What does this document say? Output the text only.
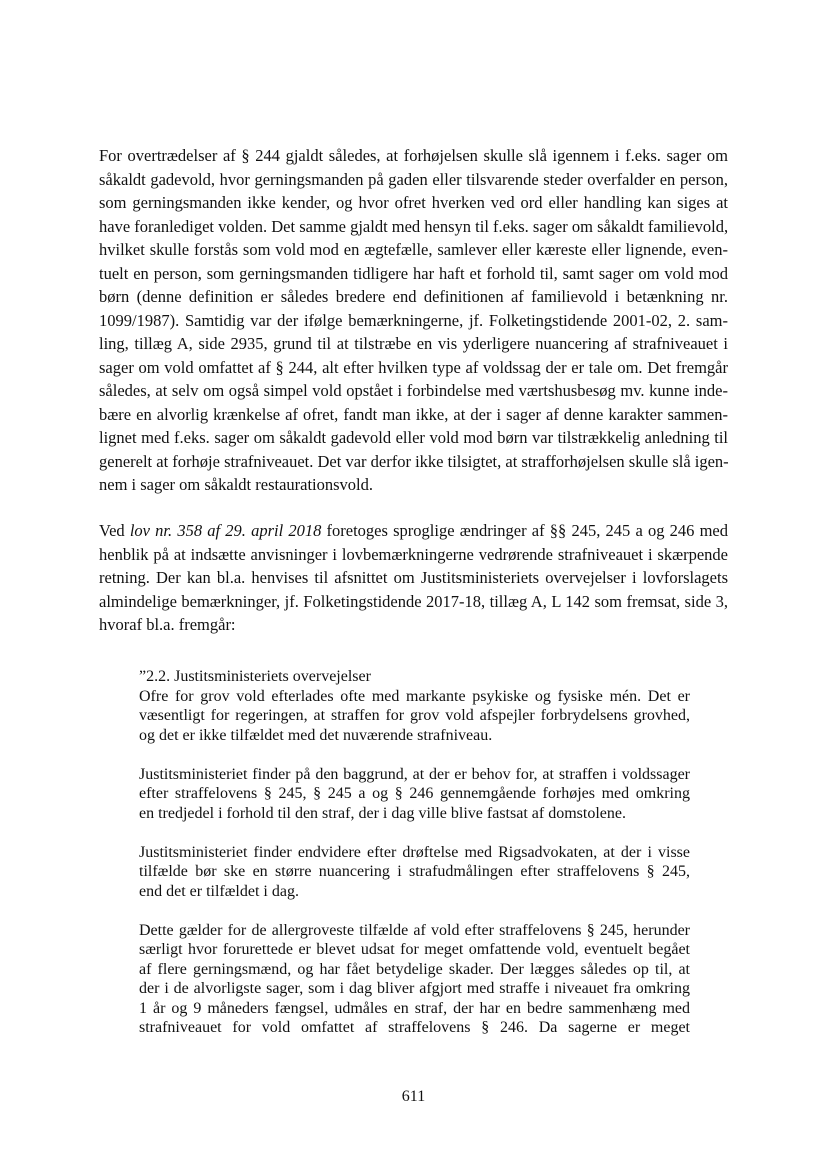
For overtrædelser af § 244 gjaldt således, at forhøjelsen skulle slå igennem i f.eks. sager om
såkaldt gadevold, hvor gerningsmanden på gaden eller tilsvarende steder overfalder en person,
som gerningsmanden ikke kender, og hvor ofret hverken ved ord eller handling kan siges at
have foranlediget volden. Det samme gjaldt med hensyn til f.eks. sager om såkaldt familievold,
hvilket skulle forstås som vold mod en ægtefælle, samlever eller kæreste eller lignende, even-
tuelt en person, som gerningsmanden tidligere har haft et forhold til, samt sager om vold mod
børn (denne definition er således bredere end definitionen af familievold i betænkning nr.
1099/1987). Samtidig var der ifølge bemærkningerne, jf. Folketingstidende 2001-02, 2. sam-
ling, tillæg A, side 2935, grund til at tilstræbe en vis yderligere nuancering af strafniveauet i
sager om vold omfattet af § 244, alt efter hvilken type af voldssag der er tale om. Det fremgår
således, at selv om også simpel vold opstået i forbindelse med værtshusbesøg mv. kunne inde-
bære en alvorlig krænkelse af ofret, fandt man ikke, at der i sager af denne karakter sammen-
lignet med f.eks. sager om såkaldt gadevold eller vold mod børn var tilstrækkelig anledning til
generelt at forhøje strafniveauet. Det var derfor ikke tilsigtet, at strafforhøjelsen skulle slå igen-
nem i sager om såkaldt restaurationsvold.
Ved lov nr. 358 af 29. april 2018 foretoges sproglige ændringer af §§ 245, 245 a og 246 med
henblik på at indsætte anvisninger i lovbemærkningerne vedrørende strafniveauet i skærpende
retning. Der kan bl.a. henvises til afsnittet om Justitsministeriets overvejelser i lovforslagets
almindelige bemærkninger, jf. Folketingstidende 2017-18, tillæg A, L 142 som fremsat, side 3,
hvoraf bl.a. fremgår:
”2.2. Justitsministeriets overvejelser
Ofre for grov vold efterlades ofte med markante psykiske og fysiske mén. Det er
væsentligt for regeringen, at straffen for grov vold afspejler forbrydelsens grovhed,
og det er ikke tilfældet med det nuværende strafniveau.

Justitsministeriet finder på den baggrund, at der er behov for, at straffen i voldssager
efter straffelovens § 245, § 245 a og § 246 gennemgående forhøjes med omkring
en tredjedel i forhold til den straf, der i dag ville blive fastsat af domstolene.

Justitsministeriet finder endvidere efter drøftelse med Rigsadvokaten, at der i visse
tilfælde bør ske en større nuancering i strafudmålingen efter straffelovens § 245,
end det er tilfældet i dag.

Dette gælder for de allergroveste tilfælde af vold efter straffelovens § 245, herunder
særligt hvor forurettede er blevet udsat for meget omfattende vold, eventuelt begået
af flere gerningsmænd, og har fået betydelige skader. Der lægges således op til, at
der i de alvorligste sager, som i dag bliver afgjort med straffe i niveauet fra omkring
1 år og 9 måneders fængsel, udmåles en straf, der har en bedre sammenhæng med
strafniveauet for vold omfattet af straffelovens § 246. Da sagerne er meget
611
